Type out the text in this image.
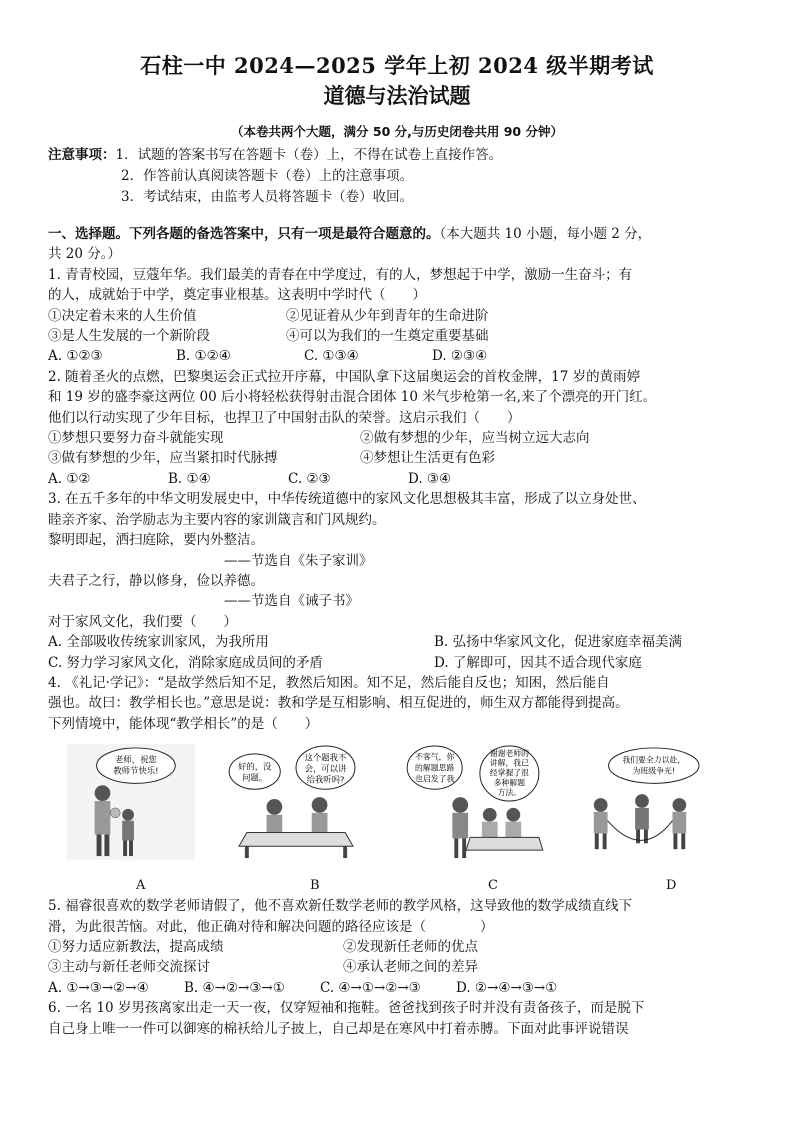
石柱一中 2024—2025 学年上初 2024 级半期考试
道德与法治试题
（本卷共两个大题，满分 50 分,与历史闭卷共用 90 分钟）
注意事项：1．试题的答案书写在答题卡（卷）上，不得在试卷上直接作答。
2．作答前认真阅读答题卡（卷）上的注意事项。
3．考试结束，由监考人员将答题卡（卷）收回。

一、选择题。下列各题的备选答案中，只有一项是最符合题意的。（本大题共 10 小题，每小题 2 分，

共 20 分。）

1. 青青校园，豆蔻年华。我们最美的青春在中学度过，有的人，梦想起于中学，激励一生奋斗；有

的人，成就始于中学，奠定事业根基。这表明中学时代（　　）

①决定着未来的人生价值	②见证着从少年到青年的生命进阶
③是人生发展的一个新阶段	④可以为我们的一生奠定重要基础
A. ①②③	B. ①②④	C. ①③④	D. ②③④

2. 随着圣火的点燃，巴黎奥运会正式拉开序幕，中国队拿下这届奥运会的首枚金牌，17 岁的黄雨婷

和 19 岁的盛李豪这两位 00 后小将轻松获得射击混合团体 10 米气步枪第一名,来了个漂亮的开门红。

他们以行动实现了少年目标，也捍卫了中国射击队的荣誉。这启示我们（　　）

①梦想只要努力奋斗就能实现	②做有梦想的少年，应当树立远大志向
③做有梦想的少年，应当紧扣时代脉搏	④梦想让生活更有色彩
A. ①②	B. ①④	C. ②③	D. ③④

3. 在五千多年的中华文明发展史中，中华传统道德中的家风文化思想极其丰富，形成了以立身处世、

睦亲齐家、治学励志为主要内容的家训箴言和门风规约。

黎明即起，洒扫庭除，要内外整洁。

——节选自《朱子家训》

夫君子之行，静以修身，俭以养德。

——节选自《诫子书》

对于家风文化，我们要（　　）

A. 全部吸收传统家训家风，为我所用	B. 弘扬中华家风文化，促进家庭幸福美满
C. 努力学习家风文化，消除家庭成员间的矛盾	D. 了解即可，因其不适合现代家庭

4. 《礼记·学记》：“是故学然后知不足，教然后知困。知不足，然后能自反也；知困，然后能自

强也。故曰：教学相长也。”意思是说：教和学是互相影响、相互促进的，师生双方都能得到提高。

下列情境中，能体现“教学相长”的是（　　）

老师，祝您
教师节快乐!	好的，没
问题。
这个题我不
会，可以讲
给我听吗?
不客气，你
的解题思路
也启发了我
谢谢老师的
讲解，我已
经掌握了很
多种解题
方法。
我们要全力以赴，
为班级争光!
A	B	C	D

5. 福睿很喜欢的数学老师请假了，他不喜欢新任数学老师的教学风格，这导致他的数学成绩直线下

滑，为此很苦恼。对此，他正确对待和解决问题的路径应该是（　　　　）

①努力适应新教法，提高成绩	②发现新任老师的优点
③主动与新任老师交流探讨	④承认老师之间的差异
A. ①→③→②→④	B. ④→②→③→①	C. ④→①→②→③	D. ②→④→③→①

6. 一名 10 岁男孩离家出走一天一夜，仅穿短袖和拖鞋。爸爸找到孩子时并没有责备孩子，而是脱下

自己身上唯一一件可以御寒的棉袄给儿子披上，自己却是在寒风中打着赤膊。下面对此事评说错误
